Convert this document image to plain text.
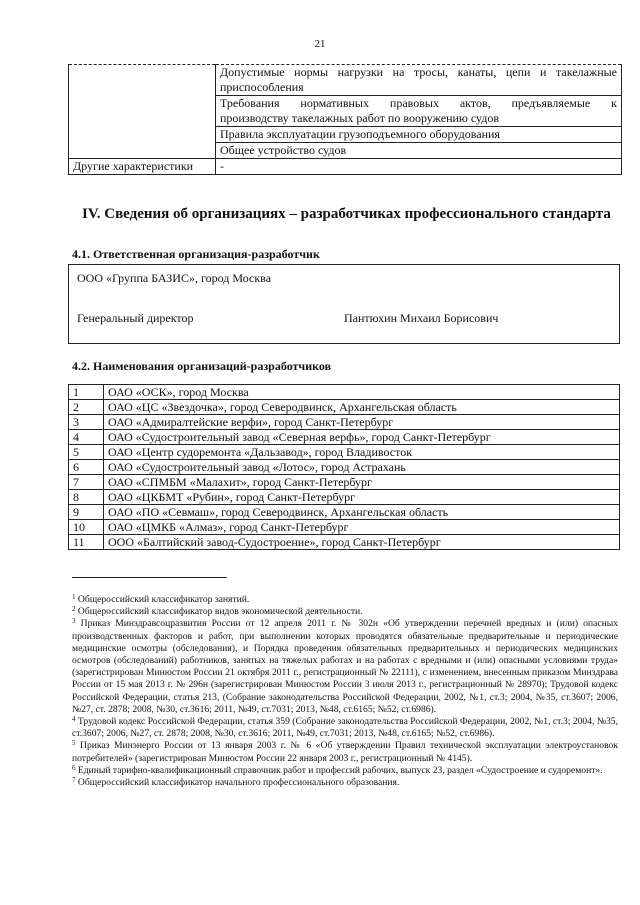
21

	Допустимые нормы нагрузки на тросы, канаты, цепи и такелажные
приспособления

	Требования нормативных правовых актов, предъявляемые к
производству такелажных работ по вооружению судов

	Правила эксплуатации грузоподъемного оборудования

	Общее устройство судов

Другие характеристики	-
IV. Сведения об организациях – разработчиках профессионального стандарта
4.1. Ответственная организация-разработчик
ООО «Группа БАЗИС», город Москва
Генеральный директор	Пантюхин Михаил Борисович
4.2. Наименования организаций-разработчиков
1	ОАО «ОСК», город Москва
2	ОАО «ЦС «Звездочка», город Северодвинск, Архангельская область
3	ОАО «Адмиралтейские верфи», город Санкт-Петербург
4	ОАО «Судостроительный завод «Северная верфь», город Санкт-Петербург
5	ОАО «Центр судоремонта «Дальзавод», город Владивосток
6	ОАО «Судостроительный завод «Лотос», город Астрахань
7	ОАО «СПМБМ «Малахит», город Санкт-Петербург
8	ОАО «ЦКБМТ «Рубин», город Санкт-Петербург
9	ОАО «ПО «Севмаш», город Северодвинск, Архангельская область
10	ОАО «ЦМКБ «Алмаз», город Санкт-Петербург
11	ООО «Балтийский завод-Судостроение», город Санкт-Петербург
$^1$ Общероссийский классификатор занятий.
$^2$ Общероссийский классификатор видов экономической деятельности.
$^3$ Приказ Минздравсоцразвития России от 12 апреля 2011 г. № 302н «Об утверждении перечней вредных и (или) опасных производственных факторов и работ, при выполнении которых проводятся обязательные предварительные и периодические медицинские осмотры (обследования), и Порядка проведения обязательных предварительных и периодических медицинских осмотров (обследований) работников, занятых на тяжелых работах и на работах с вредными и (или) опасными условиями труда» (зарегистрирован Минюстом России 21 октября 2011 г., регистрационный № 22111), с изменением, внесенным приказом Минздрава России от 15 мая 2013 г. № 296н (зарегистрирован Минюстом России 3 июля 2013 г., регистрационный № 28970); Трудовой кодекс Российской Федерации, статья 213, (Собрание законодательства Российской Федерации, 2002, №1, ст.3; 2004, №35, ст.3607; 2006, №27, ст. 2878; 2008, №30, ст.3616; 2011, №49, ст.7031; 2013, №48, ст.6165; №52, ст.6986).
$^4$ Трудовой кодекс Российской Федерации, статья 359 (Собрание законодательства Российской Федерации, 2002, №1, ст.3; 2004, №35, ст.3607; 2006, №27, ст. 2878; 2008, №30, ст.3616; 2011, №49, ст.7031; 2013, №48, ст.6165; №52, ст.6986).
$^5$ Приказ Минэнерго России от 13 января 2003 г. № 6 «Об утверждении Правил технической эксплуатации электроустановок потребителей» (зарегистрирован Минюстом России 22 января 2003 г., регистрационный № 4145).
$^6$ Единый тарифно-квалификационный справочник работ и профессий рабочих, выпуск 23, раздел «Судостроение и судоремонт».
$^7$ Общероссийский классификатор начального профессионального образования.
